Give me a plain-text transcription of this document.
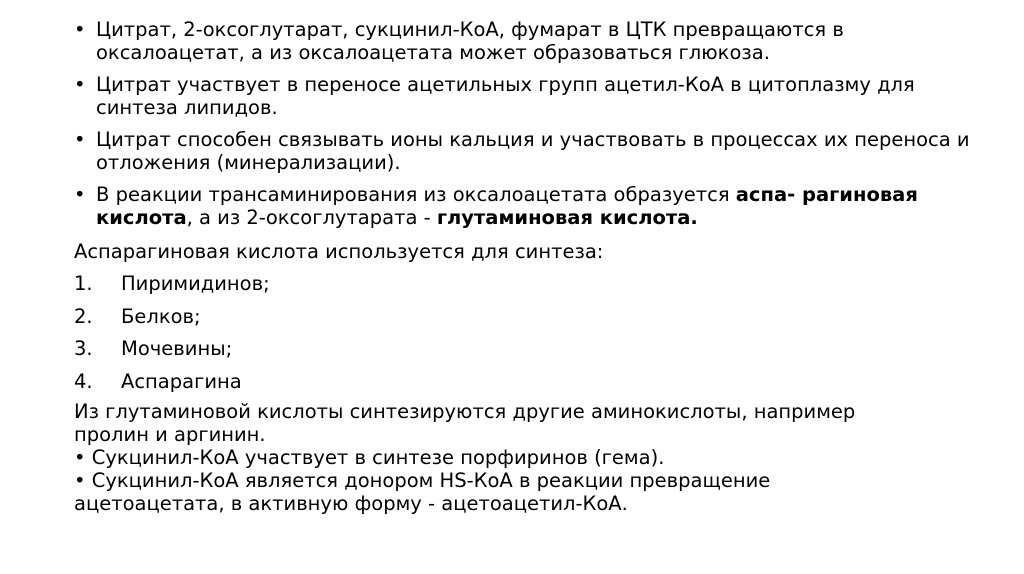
• Цитрат, 2-оксоглутарат, сукцинил-КоА, фумарат в ЦТК превращаются в оксалоацетат, а из оксалоацетата может образоваться глюкоза.
• Цитрат участвует в переносе ацетильных групп ацетил-КоА в цитоплазму для синтеза липидов.
• Цитрат способен связывать ионы кальция и участвовать в процессах их переноса и отложения (минерализации).
• В реакции трансаминирования из оксалоацетата образуется аспа- рагиновая кислота, а из 2-оксоглутарата - глутаминовая кислота.
Аспарагиновая кислота используется для синтеза:
1. Пиримидинов;
2. Белков;
3. Мочевины;
4. Аспарагина
Из глутаминовой кислоты синтезируются другие аминокислоты, например
пролин и аргинин.
• Сукцинил-КоА участвует в синтезе порфиринов (гема).
• Сукцинил-КоА является донором HS-КоА в реакции превращение
ацетоацетата, в активную форму - ацетоацетил-КоА.
